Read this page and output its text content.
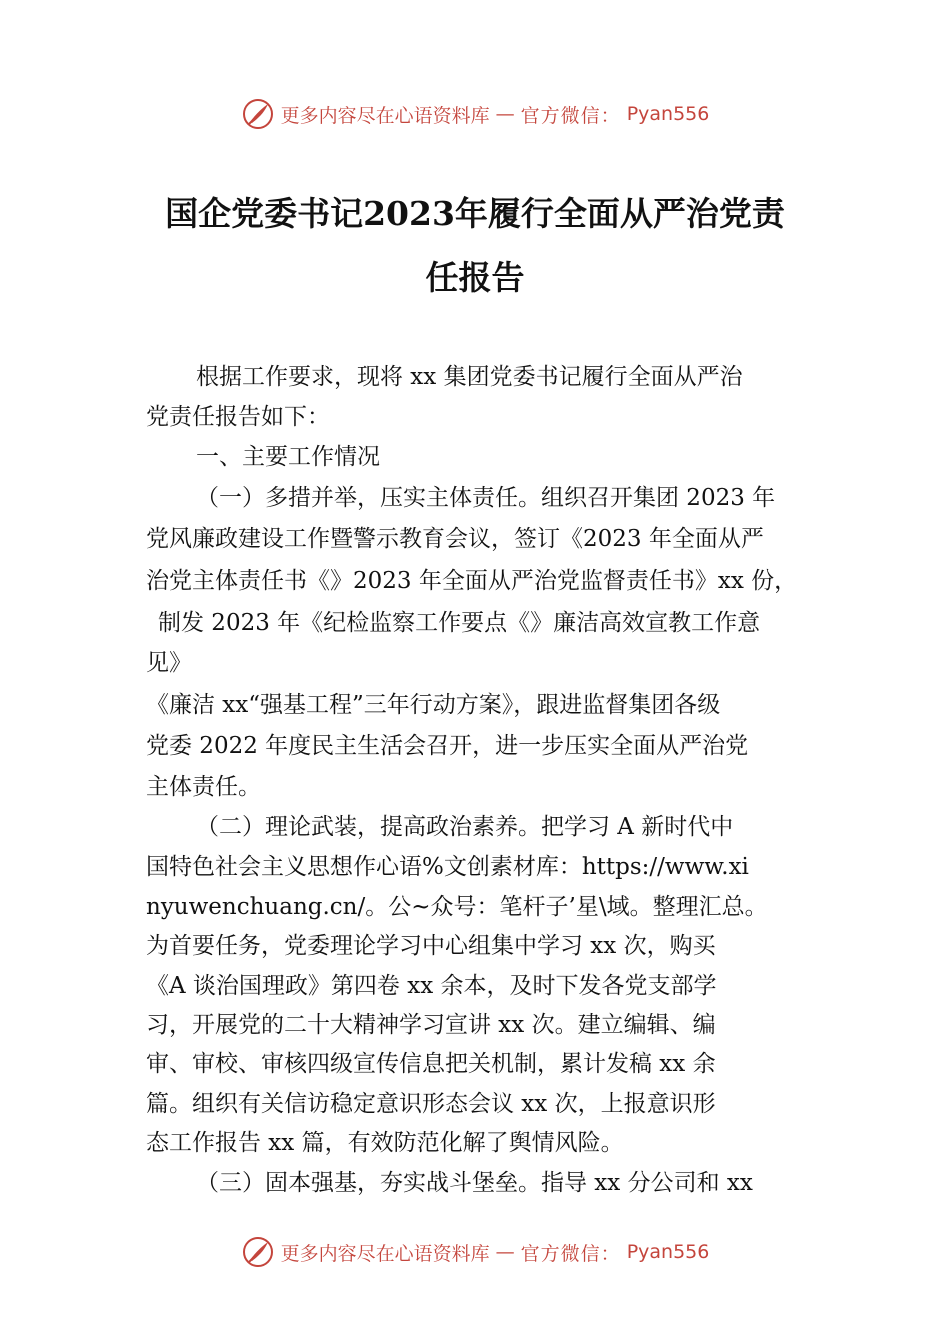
更多内容尽在心语资料库 — 官方微信： Pyan556
国企党委书记2023年履行全面从严治党责
任报告
根据工作要求，现将 xx 集团党委书记履行全面从严治
党责任报告如下：
一、主要工作情况
（一）多措并举，压实主体责任。组织召开集团 2023 年
党风廉政建设工作暨警示教育会议，签订《2023 年全面从严
治党主体责任书《》2023 年全面从严治党监督责任书》xx 份，
制发 2023 年《纪检监察工作要点《》廉洁高效宣教工作意
见》
《廉洁 xx“强基工程”三年行动方案》，跟进监督集团各级
党委 2022 年度民主生活会召开，进一步压实全面从严治党
主体责任。
（二）理论武装，提高政治素养。把学习 A 新时代中
国特色社会主义思想作心语%文创素材库：https://www.xi
nyuwenchuang.cn/。公~众号：笔杆子’星\域。整理汇总。
为首要任务，党委理论学习中心组集中学习 xx 次，购买
《A 谈治国理政》第四卷 xx 余本，及时下发各党支部学
习，开展党的二十大精神学习宣讲 xx 次。建立编辑、编
审、审校、审核四级宣传信息把关机制，累计发稿 xx 余
篇。组织有关信访稳定意识形态会议 xx 次，上报意识形
态工作报告 xx 篇，有效防范化解了舆情风险。
（三）固本强基，夯实战斗堡垒。指导 xx 分公司和 xx
更多内容尽在心语资料库 — 官方微信： Pyan556
